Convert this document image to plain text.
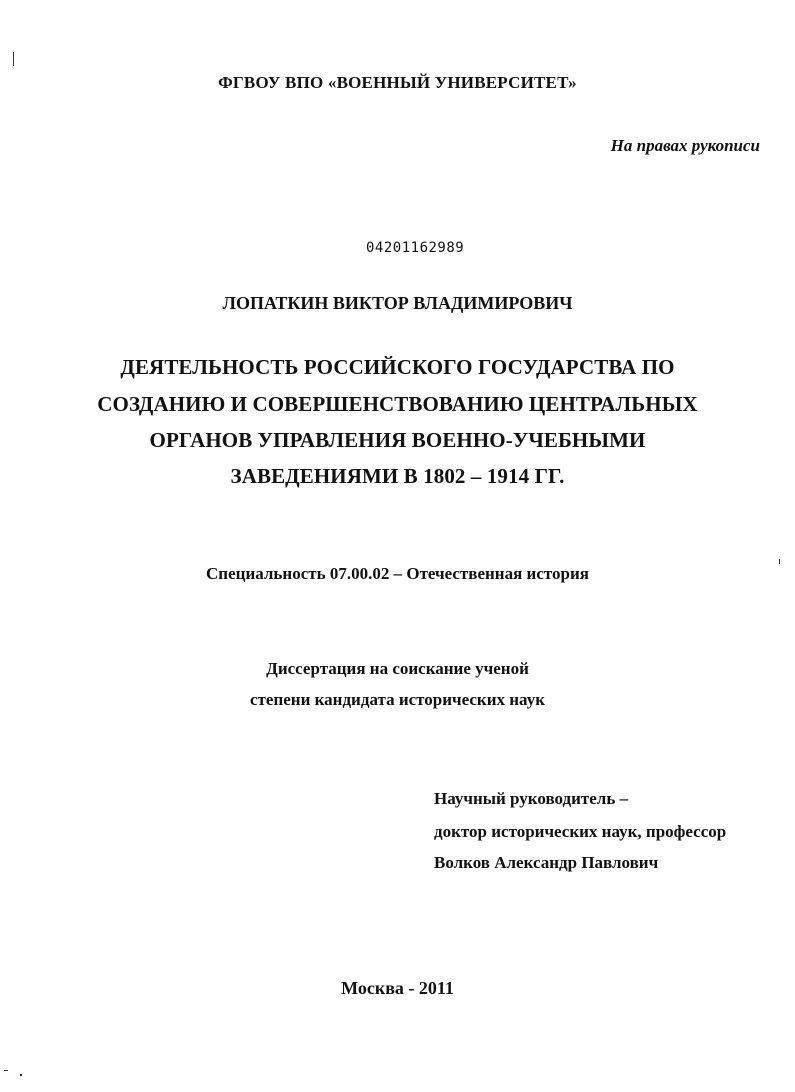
ФГВОУ ВПО «ВОЕННЫЙ УНИВЕРСИТЕТ»
На правах рукописи
04201162989
ЛОПАТКИН ВИКТОР ВЛАДИМИРОВИЧ
ДЕЯТЕЛЬНОСТЬ РОССИЙСКОГО ГОСУДАРСТВА ПО
СОЗДАНИЮ И СОВЕРШЕНСТВОВАНИЮ ЦЕНТРАЛЬНЫХ
ОРГАНОВ УПРАВЛЕНИЯ ВОЕННО-УЧЕБНЫМИ
ЗАВЕДЕНИЯМИ В 1802 – 1914 ГГ.
Специальность 07.00.02 – Отечественная история
Диссертация на соискание ученой
степени кандидата исторических наук
Научный руководитель –
доктор исторических наук, профессор
Волков Александр Павлович
Москва - 2011
